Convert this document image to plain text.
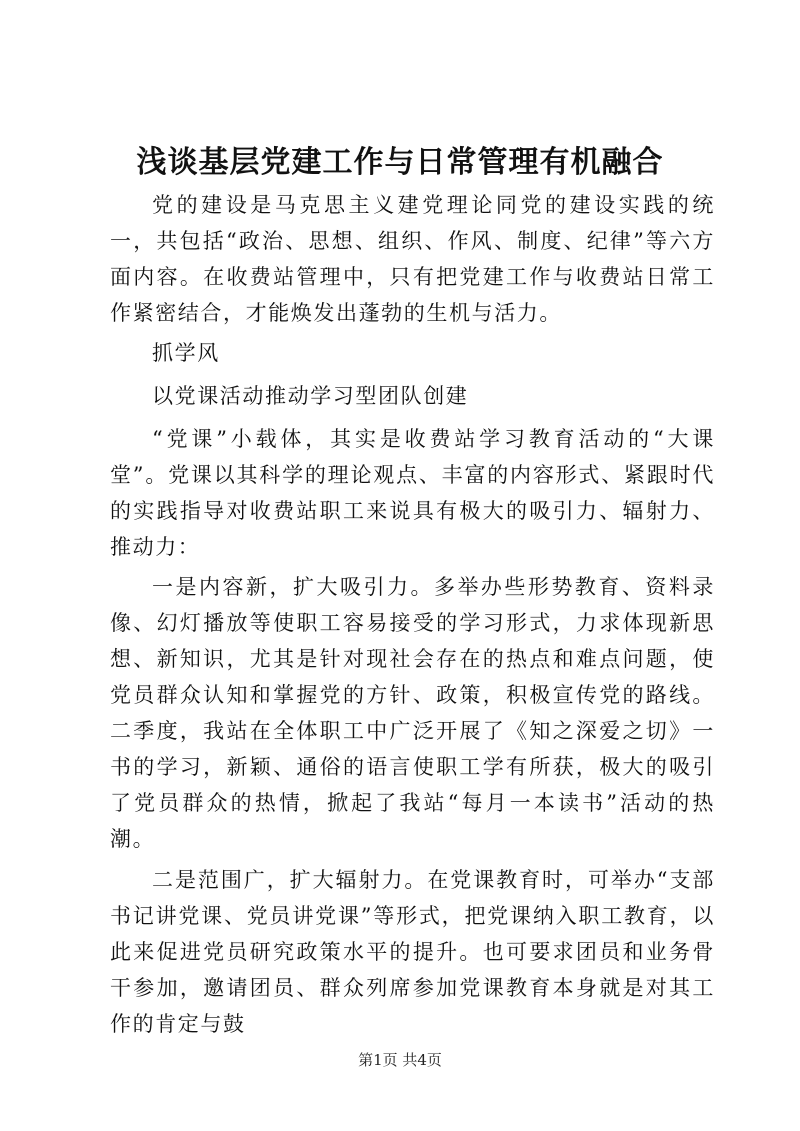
浅谈基层党建工作与日常管理有机融合

党的建设是马克思主义建党理论同党的建设实践的统一，共包括“政治、思想、组织、作风、制度、纪律”等六方面内容。在收费站管理中，只有把党建工作与收费站日常工作紧密结合，才能焕发出蓬勃的生机与活力。

抓学风

以党课活动推动学习型团队创建

“党课”小载体，其实是收费站学习教育活动的“大课堂”。党课以其科学的理论观点、丰富的内容形式、紧跟时代的实践指导对收费站职工来说具有极大的吸引力、辐射力、推动力：

一是内容新，扩大吸引力。多举办些形势教育、资料录像、幻灯播放等使职工容易接受的学习形式，力求体现新思想、新知识，尤其是针对现社会存在的热点和难点问题，使党员群众认知和掌握党的方针、政策，积极宣传党的路线。二季度，我站在全体职工中广泛开展了《知之深爱之切》一书的学习，新颖、通俗的语言使职工学有所获，极大的吸引了党员群众的热情，掀起了我站“每月一本读书”活动的热潮。

二是范围广，扩大辐射力。在党课教育时，可举办“支部书记讲党课、党员讲党课”等形式，把党课纳入职工教育，以此来促进党员研究政策水平的提升。也可要求团员和业务骨干参加，邀请团员、群众列席参加党课教育本身就是对其工作的肯定与鼓

第1页 共4页
